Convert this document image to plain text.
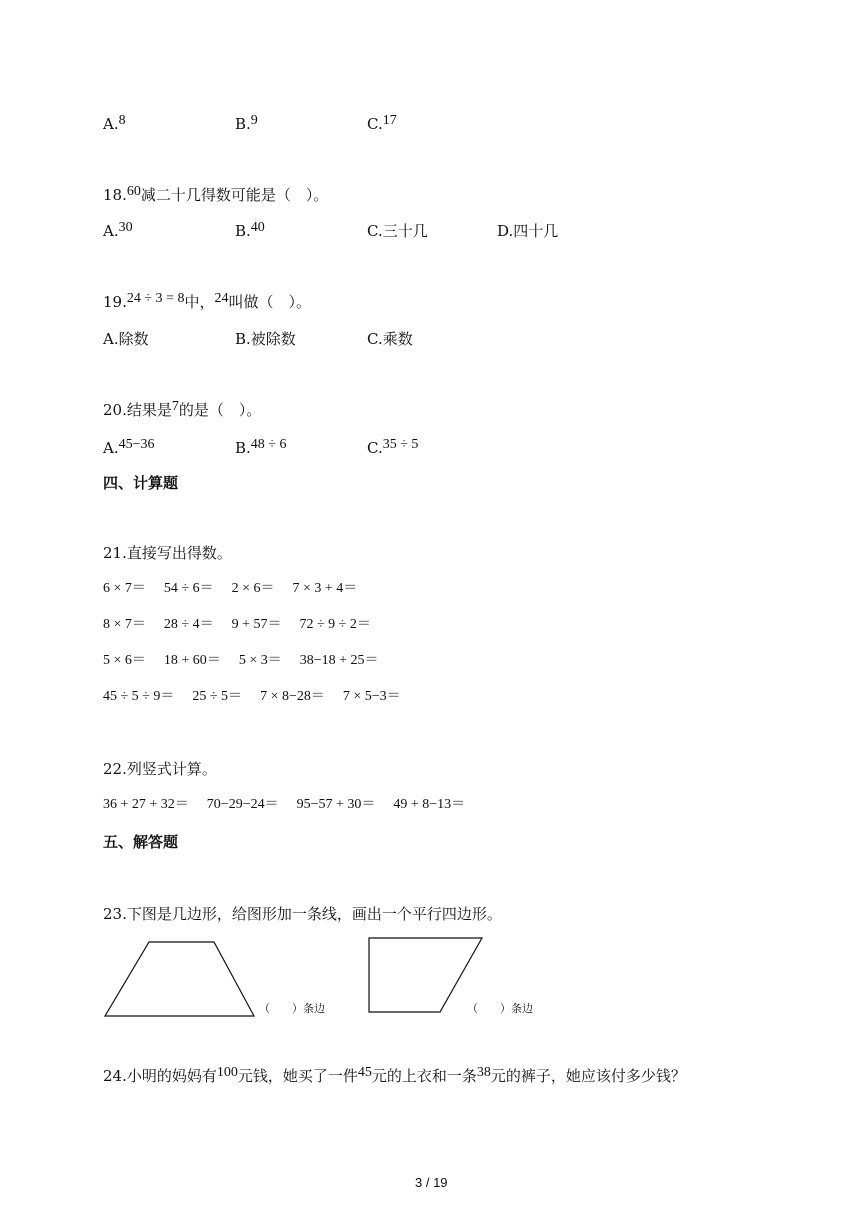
A.8	B.9	C.17
18.60减二十几得数可能是（　）。
A.30	B.40	C.三十几	D.四十几
19.24 ÷ 3 = 8中，24叫做（　）。
A.除数	B.被除数	C.乘数
20.结果是7的是（　）。
A.45−36	B.48 ÷ 6	C.35 ÷ 5
四、计算题
21.直接写出得数。
6 × 7＝ 54 ÷ 6＝ 2 × 6＝ 7 × 3 + 4＝
8 × 7＝ 28 ÷ 4＝ 9 + 57＝ 72 ÷ 9 ÷ 2＝
5 × 6＝ 18 + 60＝ 5 × 3＝ 38−18 + 25＝
45 ÷ 5 ÷ 9＝ 25 ÷ 5＝ 7 × 8−28＝ 7 × 5−3＝
22.列竖式计算。
36 + 27 + 32＝ 70−29−24＝ 95−57 + 30＝ 49 + 8−13＝
五、解答题
23.下图是几边形，给图形加一条线，画出一个平行四边形。
（　　）条边	（　　）条边
24.小明的妈妈有100元钱，她买了一件45元的上衣和一条38元的裤子，她应该付多少钱？
3 / 19
